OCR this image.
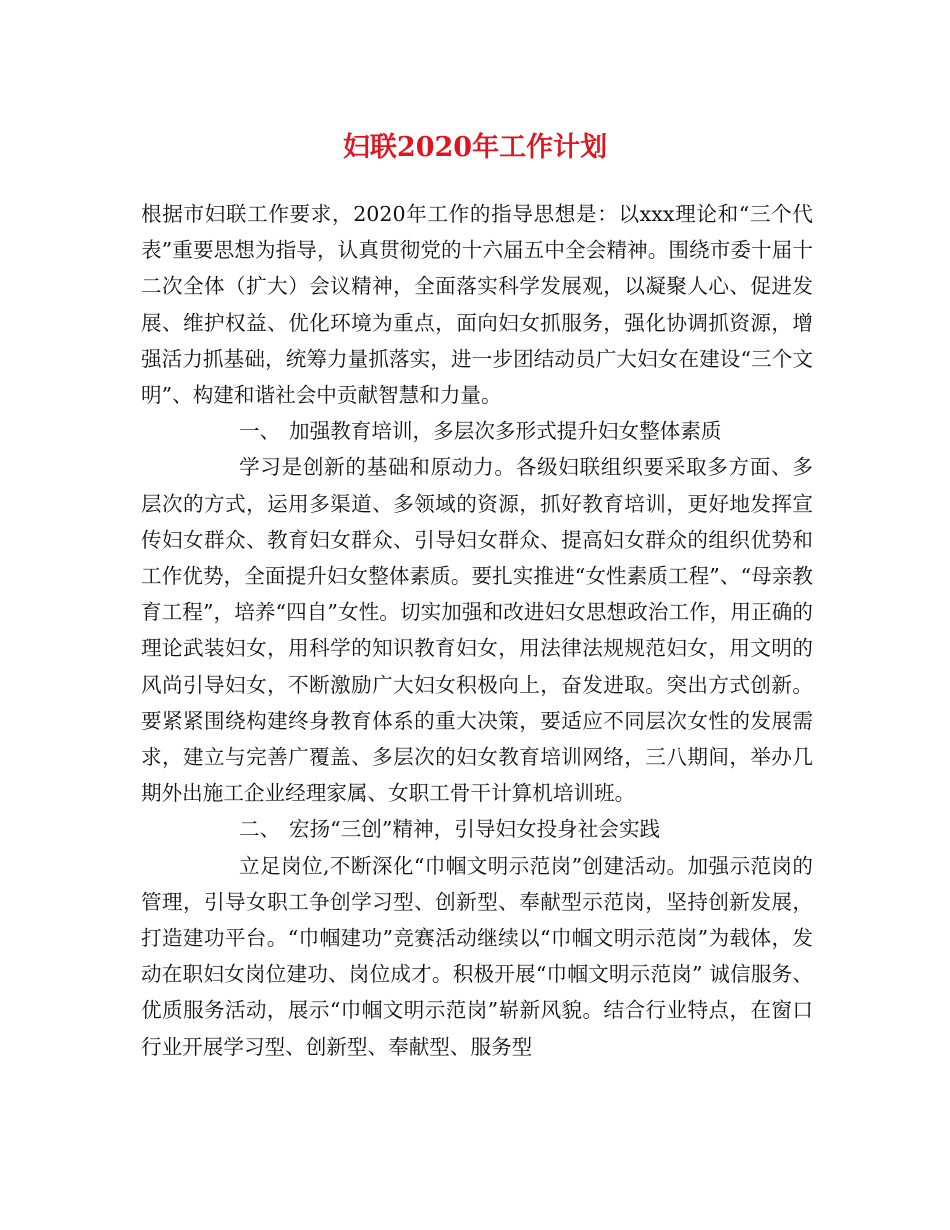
妇联2020年工作计划

根据市妇联工作要求，2020年工作的指导思想是：以xxx理论和“三个代表”重要思想为指导，认真贯彻党的十六届五中全会精神。围绕市委十届十二次全体（扩大）会议精神，全面落实科学发展观，以凝聚人心、促进发展、维护权益、优化环境为重点，面向妇女抓服务，强化协调抓资源，增强活力抓基础，统筹力量抓落实，进一步团结动员广大妇女在建设“三个文明”、构建和谐社会中贡献智慧和力量。

一、 加强教育培训，多层次多形式提升妇女整体素质

学习是创新的基础和原动力。各级妇联组织要采取多方面、多层次的方式，运用多渠道、多领域的资源，抓好教育培训，更好地发挥宣传妇女群众、教育妇女群众、引导妇女群众、提高妇女群众的组织优势和工作优势，全面提升妇女整体素质。要扎实推进“女性素质工程”、“母亲教育工程”，培养“四自”女性。切实加强和改进妇女思想政治工作，用正确的理论武装妇女，用科学的知识教育妇女，用法律法规规范妇女，用文明的风尚引导妇女，不断激励广大妇女积极向上，奋发进取。突出方式创新。要紧紧围绕构建终身教育体系的重大决策，要适应不同层次女性的发展需求，建立与完善广覆盖、多层次的妇女教育培训网络，三八期间，举办几期外出施工企业经理家属、女职工骨干计算机培训班。

二、 宏扬“三创”精神，引导妇女投身社会实践

立足岗位,不断深化“巾帼文明示范岗”创建活动。加强示范岗的管理，引导女职工争创学习型、创新型、奉献型示范岗，坚持创新发展，打造建功平台。“巾帼建功”竞赛活动继续以“巾帼文明示范岗”为载体，发动在职妇女岗位建功、岗位成才。积极开展“巾帼文明示范岗” 诚信服务、优质服务活动，展示“巾帼文明示范岗”崭新风貌。结合行业特点，在窗口行业开展学习型、创新型、奉献型、服务型
